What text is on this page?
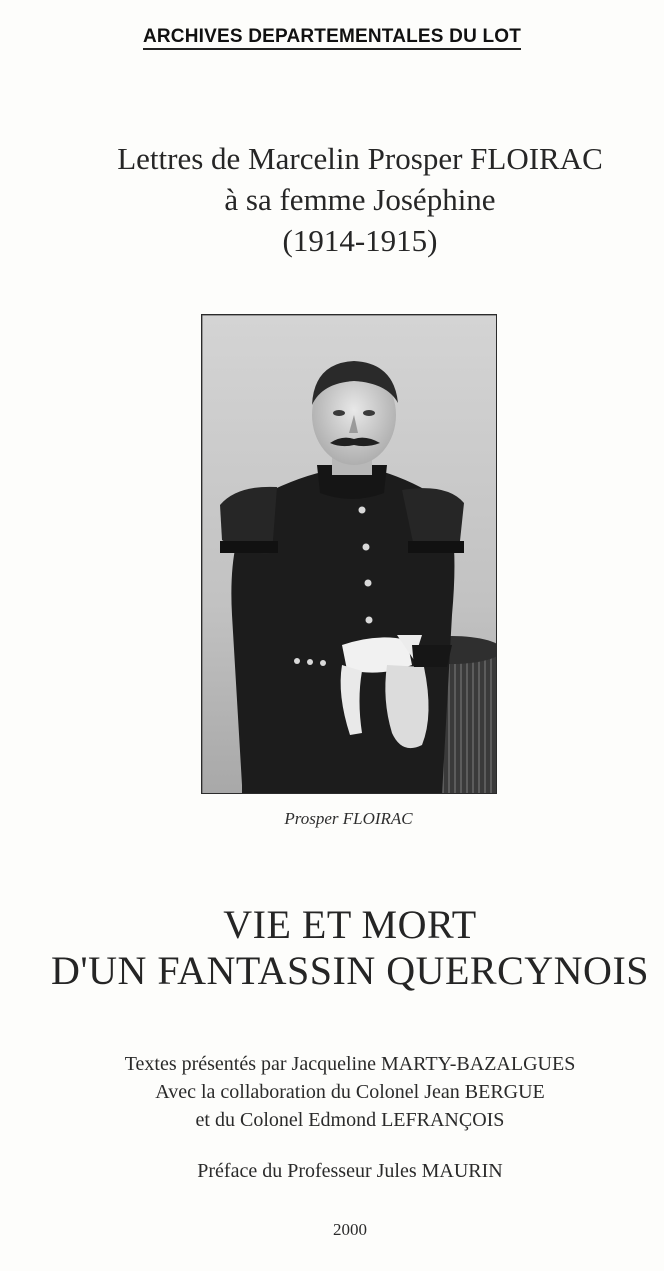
ARCHIVES DEPARTEMENTALES DU LOT
Lettres de Marcelin Prosper FLOIRAC
à sa femme Joséphine
(1914-1915)
Prosper FLOIRAC
VIE ET MORT
D'UN FANTASSIN QUERCYNOIS
Textes présentés par Jacqueline MARTY-BAZALGUES
Avec la collaboration du Colonel Jean BERGUE
et du Colonel Edmond LEFRANÇOIS
Préface du Professeur Jules MAURIN
2000
